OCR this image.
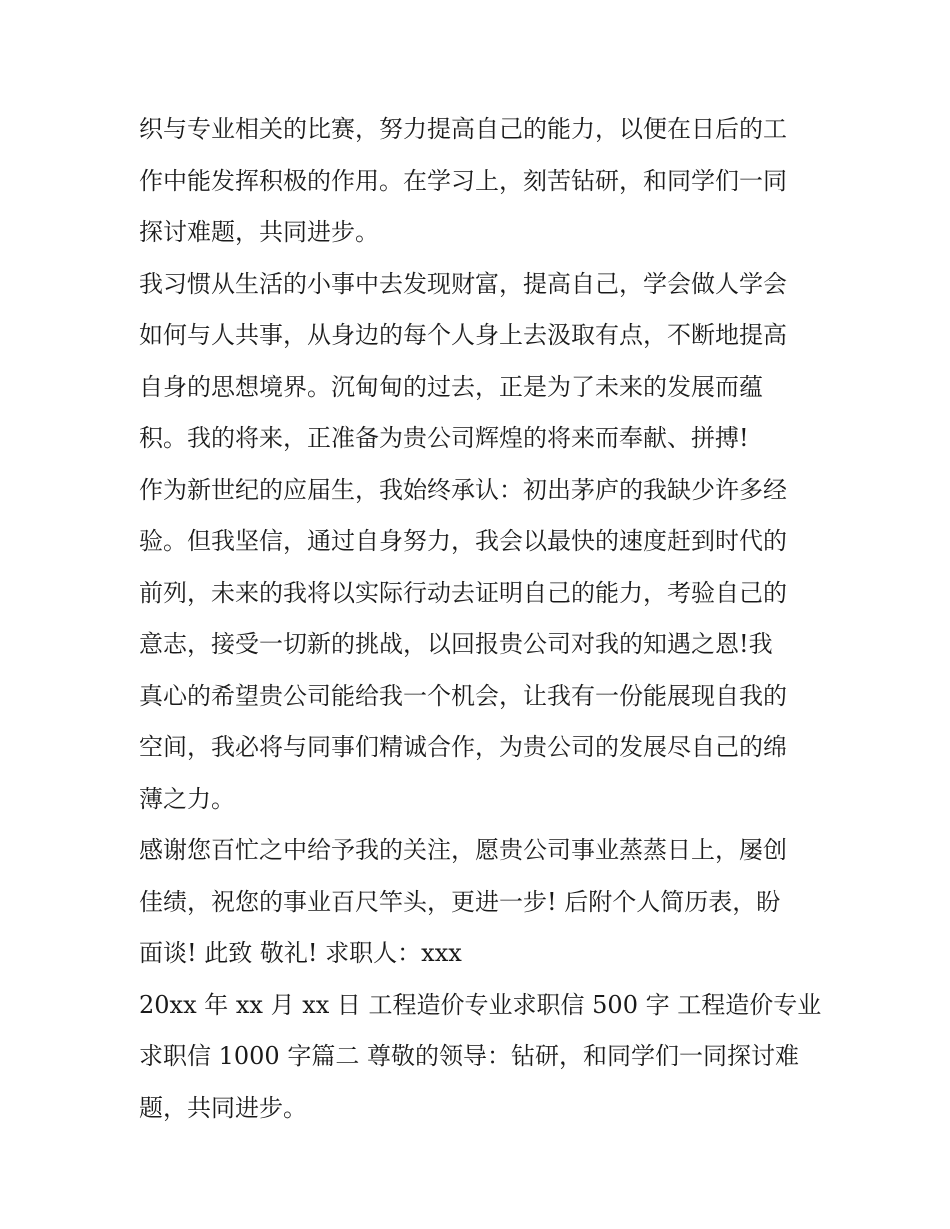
织与专业相关的比赛，努力提高自己的能力，以便在日后的工
作中能发挥积极的作用。在学习上，刻苦钻研，和同学们一同
探讨难题，共同进步。
我习惯从生活的小事中去发现财富，提高自己，学会做人学会
如何与人共事，从身边的每个人身上去汲取有点，不断地提高
自身的思想境界。沉甸甸的过去，正是为了未来的发展而蕴
积。我的将来，正准备为贵公司辉煌的将来而奉献、拼搏!
作为新世纪的应届生，我始终承认：初出茅庐的我缺少许多经
验。但我坚信，通过自身努力，我会以最快的速度赶到时代的
前列，未来的我将以实际行动去证明自己的能力，考验自己的
意志，接受一切新的挑战，以回报贵公司对我的知遇之恩!我
真心的希望贵公司能给我一个机会，让我有一份能展现自我的
空间，我必将与同事们精诚合作，为贵公司的发展尽自己的绵
薄之力。
感谢您百忙之中给予我的关注，愿贵公司事业蒸蒸日上，屡创
佳绩，祝您的事业百尺竿头，更进一步! 后附个人简历表，盼
面谈! 此致 敬礼! 求职人：xxx
20xx 年 xx 月 xx 日 工程造价专业求职信 500 字 工程造价专业
求职信 1000 字篇二 尊敬的领导：钻研，和同学们一同探讨难
题，共同进步。
